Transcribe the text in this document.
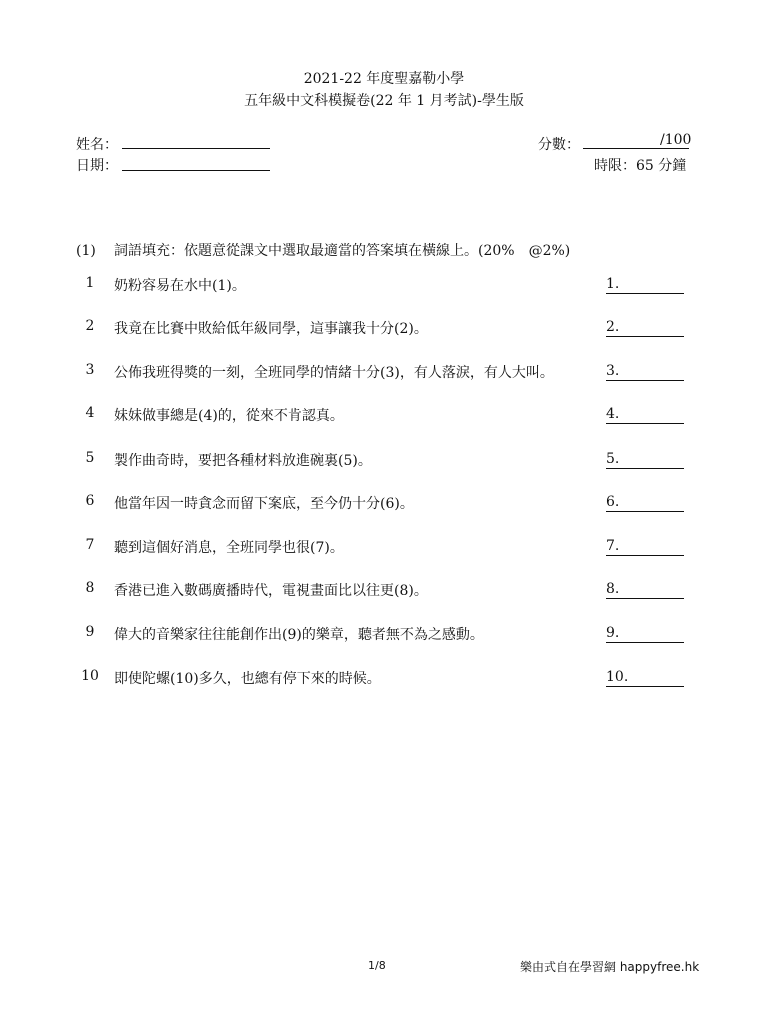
2021-22 年度聖嘉勒小學
五年級中文科模擬卷(22 年 1 月考試)-學生版
姓名：
日期：
分數：	/100
時限：65 分鐘
(1) 詞語填充：依題意從課文中選取最適當的答案填在橫線上。(20%　@2%)
1	奶粉容易在水中(1)。	1.
2	我竟在比賽中敗給低年級同學，這事讓我十分(2)。	2.
3	公佈我班得獎的一刻，全班同學的情緒十分(3)，有人落淚，有人大叫。	3.
4	妹妹做事總是(4)的，從來不肯認真。	4.
5	製作曲奇時，要把各種材料放進碗裏(5)。	5.
6	他當年因一時貪念而留下案底，至今仍十分(6)。	6.
7	聽到這個好消息，全班同學也很(7)。	7.
8	香港已進入數碼廣播時代，電視畫面比以往更(8)。	8.
9	偉大的音樂家往往能創作出(9)的樂章，聽者無不為之感動。	9.
10	即使陀螺(10)多久，也總有停下來的時候。	10.
1/8	樂由式自在學習網 happyfree.hk
